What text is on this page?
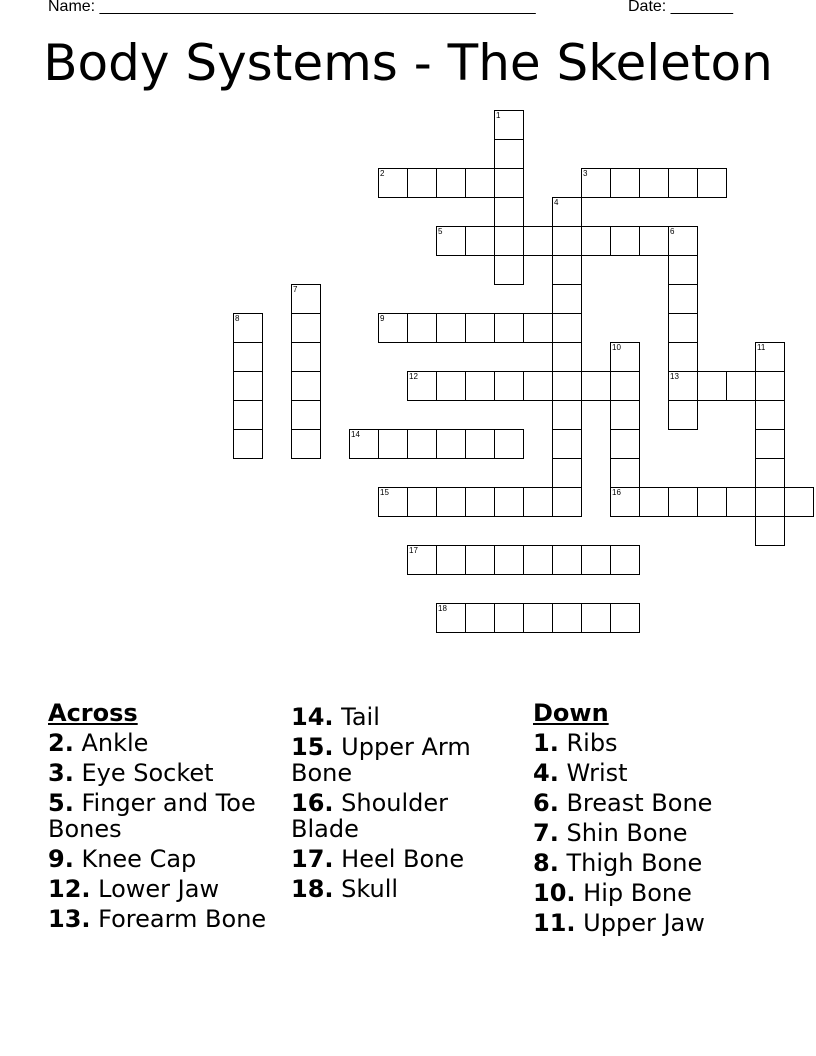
Name: _________________________________________________	Date: _______
Body Systems - The Skeleton
1
2	3
4
5	6
7
8	9
10	11
12	13
14
15	16
17
18
Across
2. Ankle
3. Eye Socket
5. Finger and Toe Bones
9. Knee Cap
12. Lower Jaw
13. Forearm Bone
14. Tail
15. Upper Arm Bone
16. Shoulder Blade
17. Heel Bone
18. Skull
Down
1. Ribs
4. Wrist
6. Breast Bone
7. Shin Bone
8. Thigh Bone
10. Hip Bone
11. Upper Jaw
